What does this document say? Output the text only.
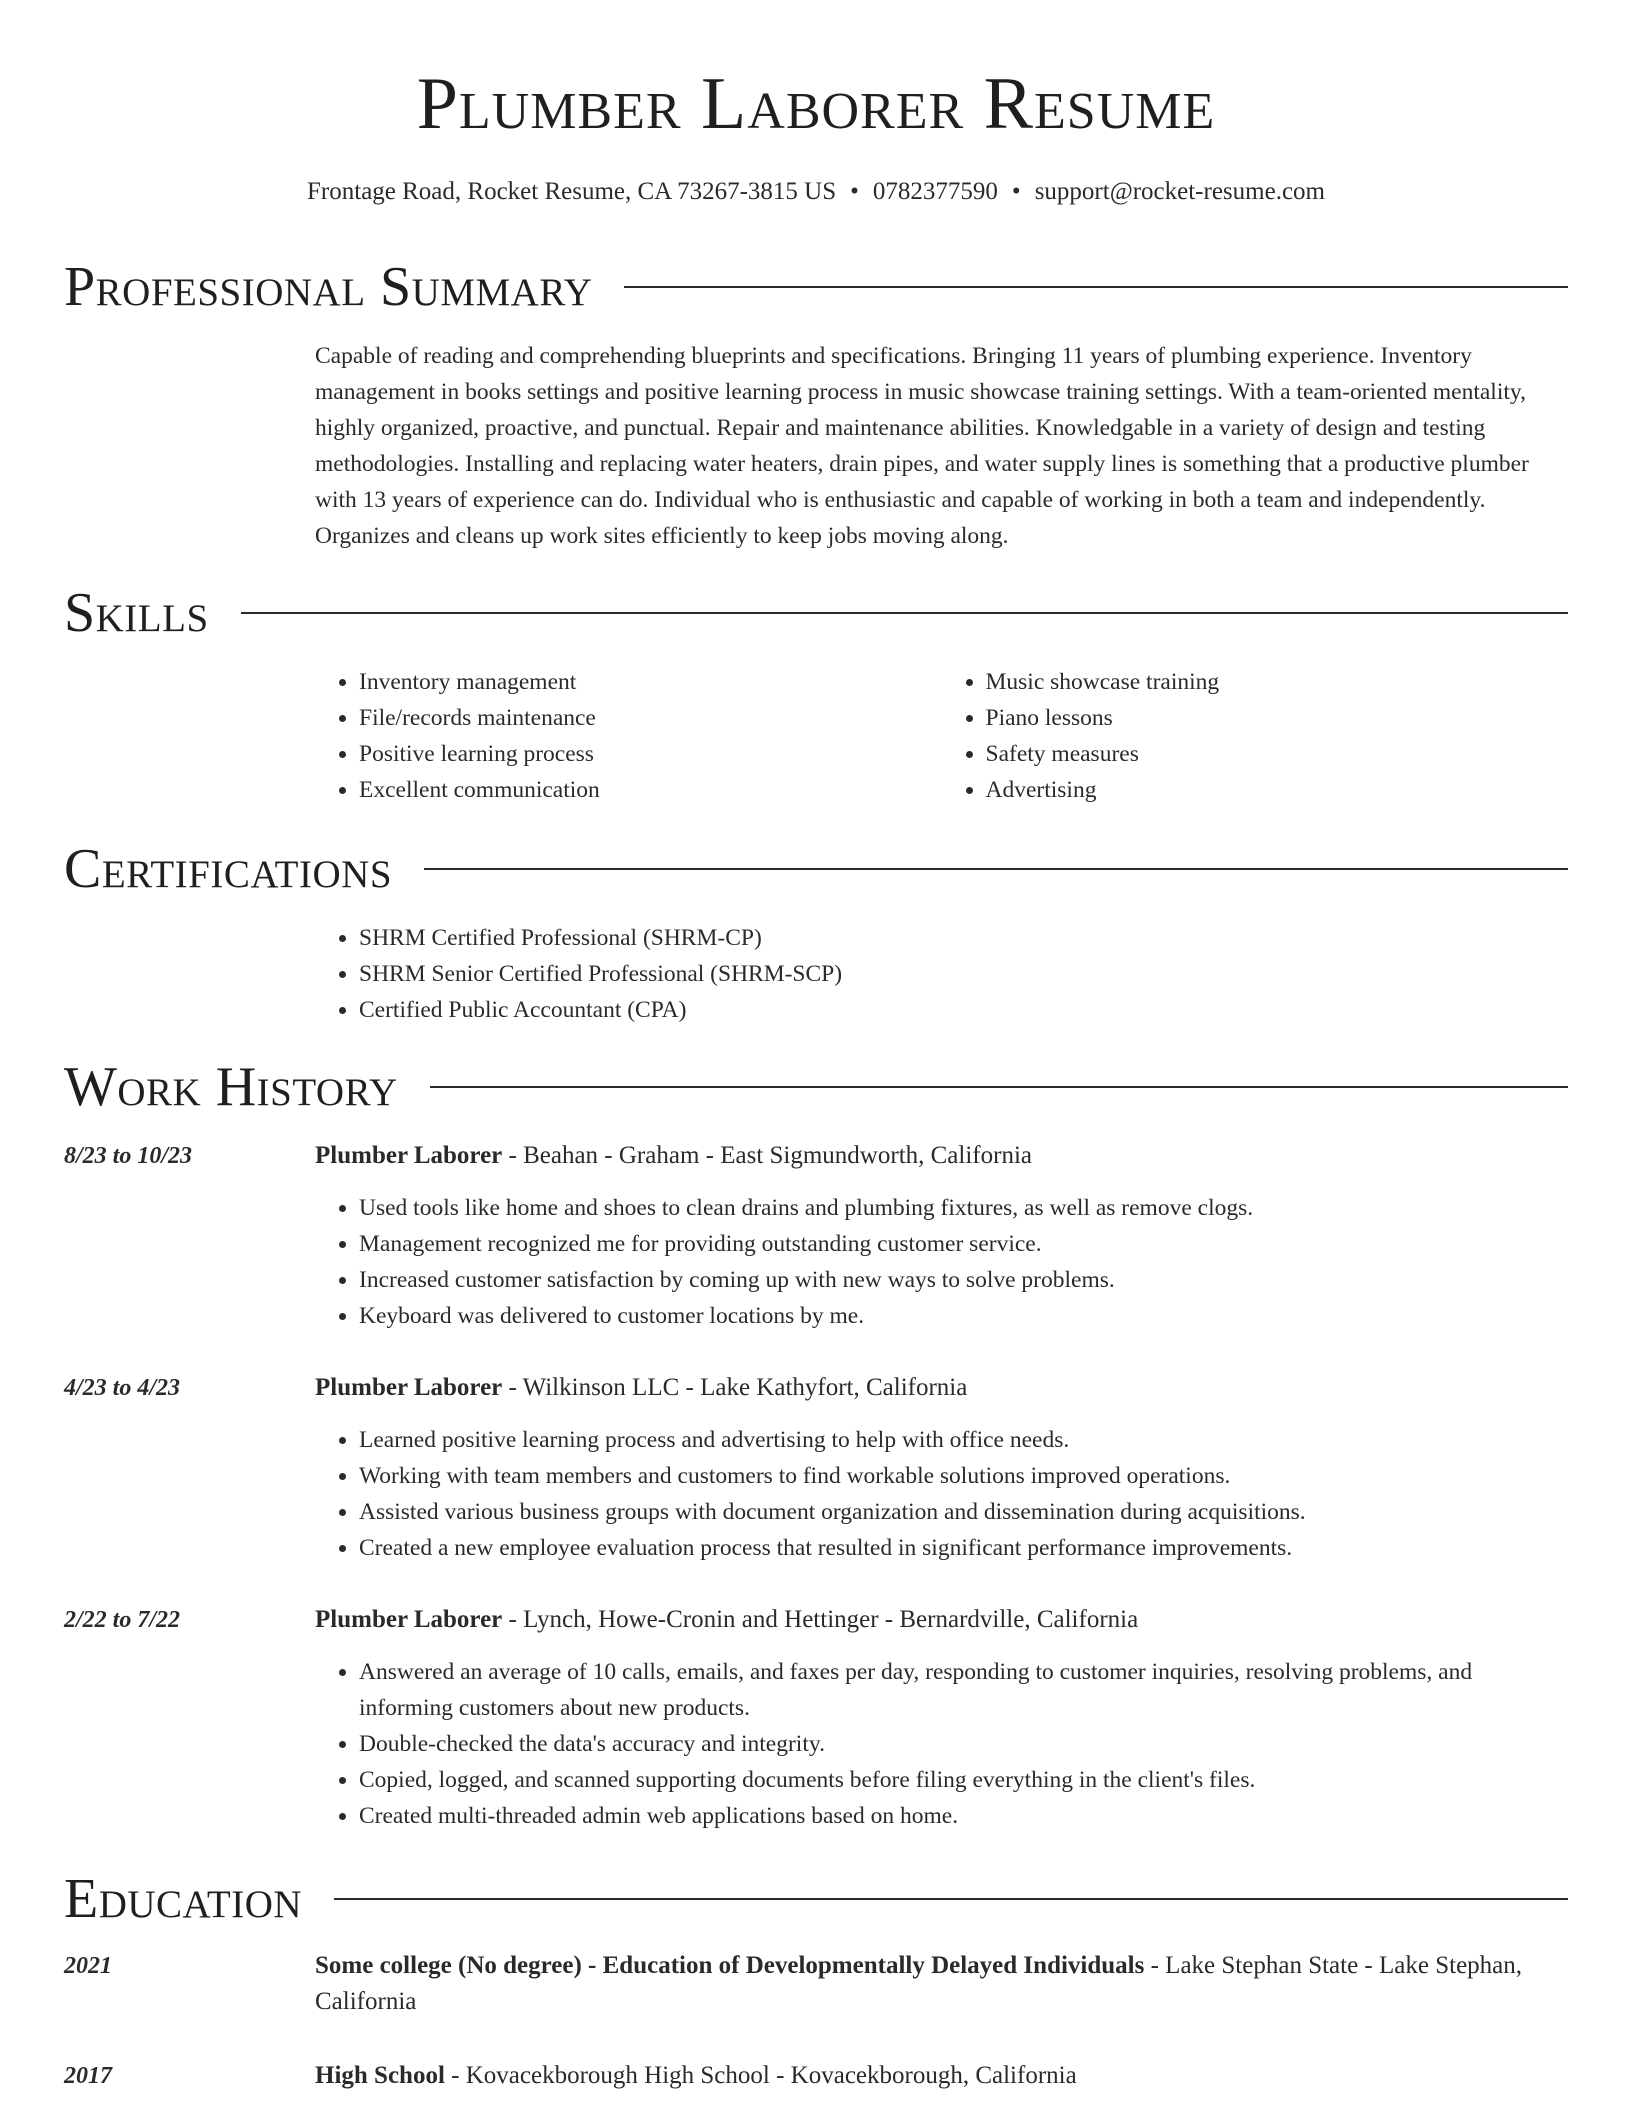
Plumber Laborer Resume
Frontage Road, Rocket Resume, CA 73267-3815 US • 0782377590 • support@rocket-resume.com
Professional Summary

Capable of reading and comprehending blueprints and specifications. Bringing 11 years of plumbing experience. Inventory management in books settings and positive learning process in music showcase training settings. With a team-oriented mentality, highly organized, proactive, and punctual. Repair and maintenance abilities. Knowledgable in a variety of design and testing methodologies. Installing and replacing water heaters, drain pipes, and water supply lines is something that a productive plumber with 13 years of experience can do. Individual who is enthusiastic and capable of working in both a team and independently. Organizes and cleans up work sites efficiently to keep jobs moving along.

Skills
• Inventory management
• File/records maintenance
• Positive learning process
• Excellent communication
• Music showcase training
• Piano lessons
• Safety measures
• Advertising
Certifications
• SHRM Certified Professional (SHRM-CP)
• SHRM Senior Certified Professional (SHRM-SCP)
• Certified Public Accountant (CPA)
Work History
8/23 to 10/23	Plumber Laborer - Beahan - Graham - East Sigmundworth, California

• Used tools like home and shoes to clean drains and plumbing fixtures, as well as remove clogs.
• Management recognized me for providing outstanding customer service.
• Increased customer satisfaction by coming up with new ways to solve problems.
• Keyboard was delivered to customer locations by me.
4/23 to 4/23	Plumber Laborer - Wilkinson LLC - Lake Kathyfort, California

• Learned positive learning process and advertising to help with office needs.
• Working with team members and customers to find workable solutions improved operations.
• Assisted various business groups with document organization and dissemination during acquisitions.
• Created a new employee evaluation process that resulted in significant performance improvements.
2/22 to 7/22	Plumber Laborer - Lynch, Howe-Cronin and Hettinger - Bernardville, California

• Answered an average of 10 calls, emails, and faxes per day, responding to customer inquiries, resolving problems, and informing customers about new products.
• Double-checked the data's accuracy and integrity.
• Copied, logged, and scanned supporting documents before filing everything in the client's files.
• Created multi-threaded admin web applications based on home.
Education
2021	Some college (No degree) - Education of Developmentally Delayed Individuals - Lake Stephan State - Lake Stephan, California

2017	High School - Kovacekborough High School - Kovacekborough, California
